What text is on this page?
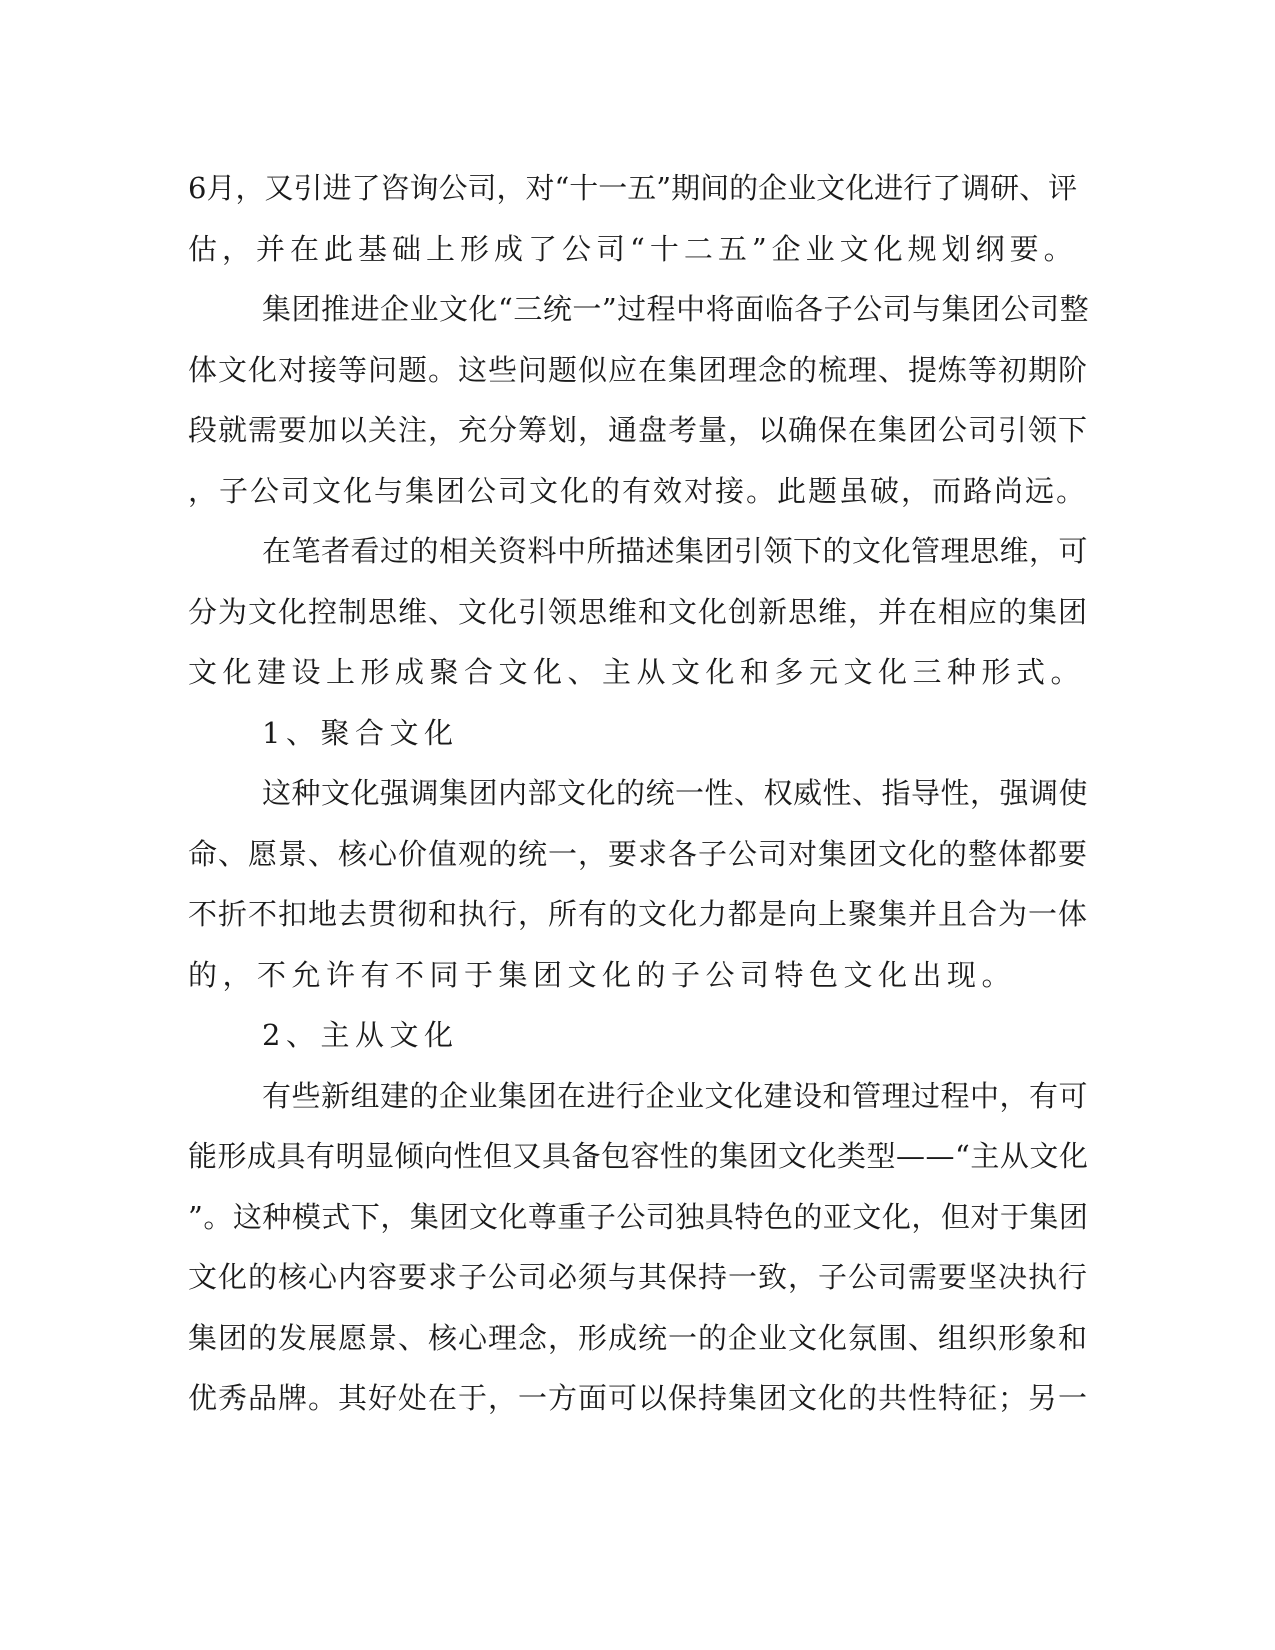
6月，又引进了咨询公司，对“十一五”期间的企业文化进行了调研、评
估，并在此基础上形成了公司“十二五”企业文化规划纲要。
集团推进企业文化“三统一”过程中将面临各子公司与集团公司整
体文化对接等问题。这些问题似应在集团理念的梳理、提炼等初期阶
段就需要加以关注，充分筹划，通盘考量，以确保在集团公司引领下
，子公司文化与集团公司文化的有效对接。此题虽破，而路尚远。
在笔者看过的相关资料中所描述集团引领下的文化管理思维，可
分为文化控制思维、文化引领思维和文化创新思维，并在相应的集团
文化建设上形成聚合文化、主从文化和多元文化三种形式。
1、聚合文化
这种文化强调集团内部文化的统一性、权威性、指导性，强调使
命、愿景、核心价值观的统一，要求各子公司对集团文化的整体都要
不折不扣地去贯彻和执行，所有的文化力都是向上聚集并且合为一体
的，不允许有不同于集团文化的子公司特色文化出现。
2、主从文化
有些新组建的企业集团在进行企业文化建设和管理过程中，有可
能形成具有明显倾向性但又具备包容性的集团文化类型——“主从文化
”。这种模式下，集团文化尊重子公司独具特色的亚文化，但对于集团
文化的核心内容要求子公司必须与其保持一致，子公司需要坚决执行
集团的发展愿景、核心理念，形成统一的企业文化氛围、组织形象和
优秀品牌。其好处在于，一方面可以保持集团文化的共性特征；另一
